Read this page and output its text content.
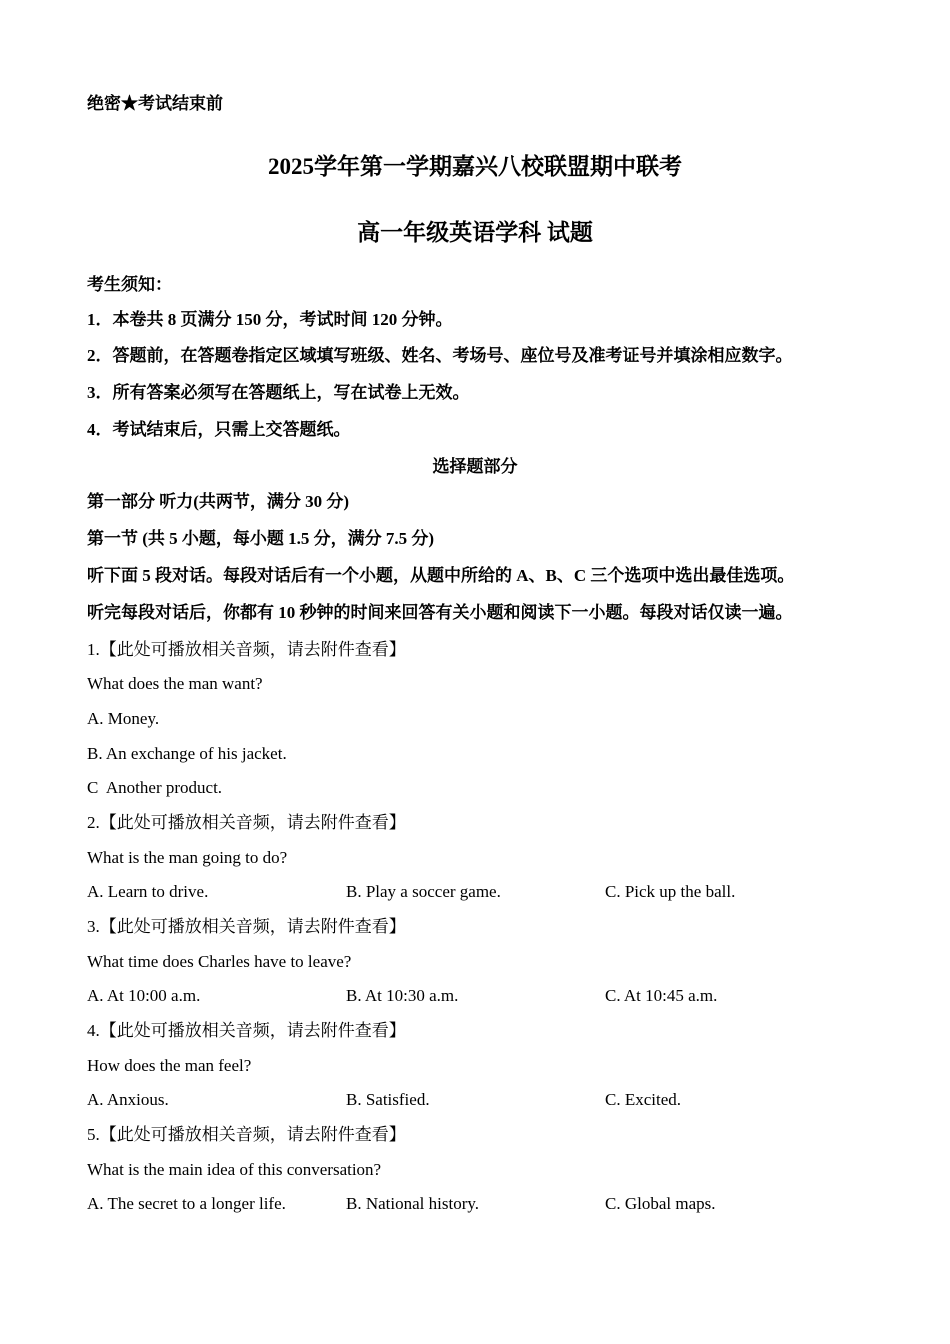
绝密★考试结束前
2025学年第一学期嘉兴八校联盟期中联考
高一年级英语学科 试题
考生须知：
1．本卷共 8 页满分 150 分，考试时间 120 分钟。
2．答题前，在答题卷指定区域填写班级、姓名、考场号、座位号及准考证号并填涂相应数字。
3．所有答案必须写在答题纸上，写在试卷上无效。
4．考试结束后，只需上交答题纸。
选择题部分
第一部分 听力(共两节，满分 30 分)
第一节 (共 5 小题，每小题 1.5 分，满分 7.5 分)
听下面 5 段对话。每段对话后有一个小题，从题中所给的 A、B、C 三个选项中选出最佳选项。
听完每段对话后，你都有 10 秒钟的时间来回答有关小题和阅读下一小题。每段对话仅读一遍。
1.【此处可播放相关音频，请去附件查看】
What does the man want?
A. Money.
B. An exchange of his jacket.
C  Another product.
2.【此处可播放相关音频，请去附件查看】
What is the man going to do?
A. Learn to drive.	B. Play a soccer game.	C. Pick up the ball.
3.【此处可播放相关音频，请去附件查看】
What time does Charles have to leave?
A. At 10:00 a.m.	B. At 10:30 a.m.	C. At 10:45 a.m.
4.【此处可播放相关音频，请去附件查看】
How does the man feel?
A. Anxious.	B. Satisfied.	C. Excited.
5.【此处可播放相关音频，请去附件查看】
What is the main idea of this conversation?
A. The secret to a longer life.	B. National history.	C. Global maps.
